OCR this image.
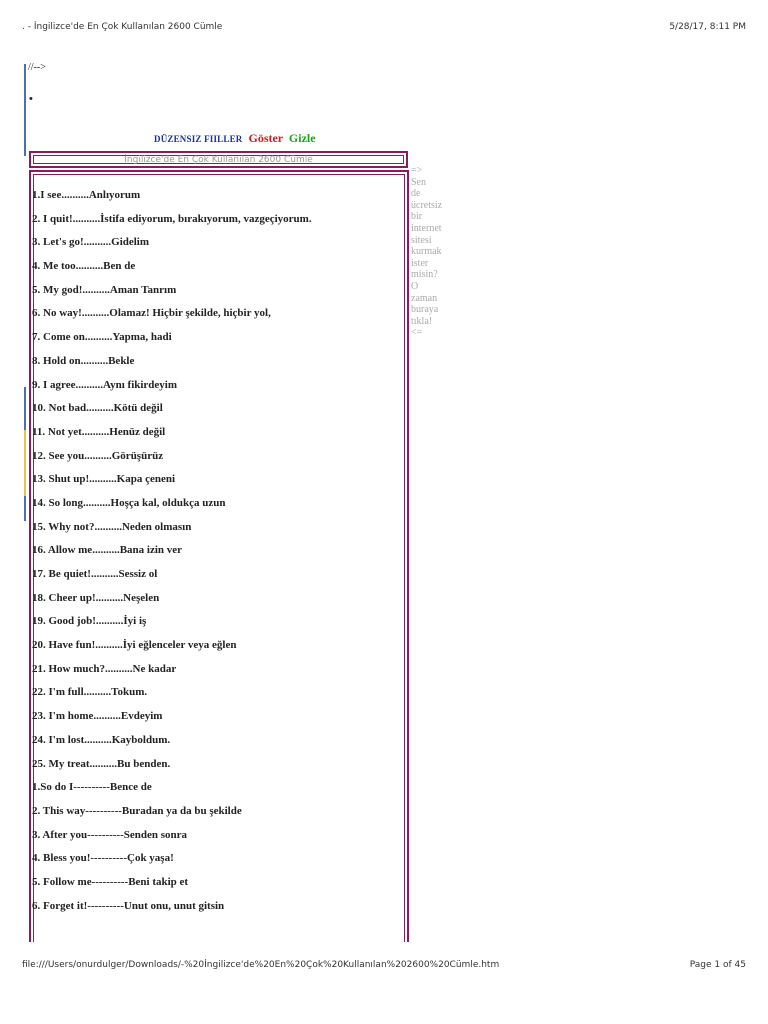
. - İngilizce'de En Çok Kullanılan 2600 Cümle	5/28/17, 8:11 PM
//-->
•
DÜZENSIZ FIILLER Göster Gizle
İngilizce'de En Çok Kullanılan 2600 Cümle
1.I see..........Anlıyorum
2. I quit!..........İstifa ediyorum, bırakıyorum, vazgeçiyorum.
3. Let's go!..........Gidelim
4. Me too..........Ben de
5. My god!..........Aman Tanrım
6. No way!..........Olamaz! Hiçbir şekilde, hiçbir yol,
7. Come on..........Yapma, hadi
8. Hold on..........Bekle
9. I agree..........Aynı fikirdeyim
10. Not bad..........Kötü değil
11. Not yet..........Henüz değil
12. See you..........Görüşürüz
13. Shut up!..........Kapa çeneni
14. So long..........Hoşça kal, oldukça uzun
15. Why not?..........Neden olmasın
16. Allow me..........Bana izin ver
17. Be quiet!..........Sessiz ol
18. Cheer up!..........Neşelen
19. Good job!..........İyi iş
20. Have fun!..........İyi eğlenceler veya eğlen
21. How much?..........Ne kadar
22. I'm full..........Tokum.
23. I'm home..........Evdeyim
24. I'm lost..........Kayboldum.
25. My treat..........Bu benden.
1.So do I----------Bence de
2. This way----------Buradan ya da bu şekilde
3. After you----------Senden sonra
4. Bless you!----------Çok yaşa!
5. Follow me----------Beni takip et
6. Forget it!----------Unut onu, unut gitsin
=>
Sen
de
ücretsiz
bir
internet
sitesi
kurmak
ister
misin?
O
zaman
buraya
tıkla!
<=
file:///Users/onurdulger/Downloads/-%20İngilizce'de%20En%20Çok%20Kullanılan%202600%20Cümle.htm	Page 1 of 45
